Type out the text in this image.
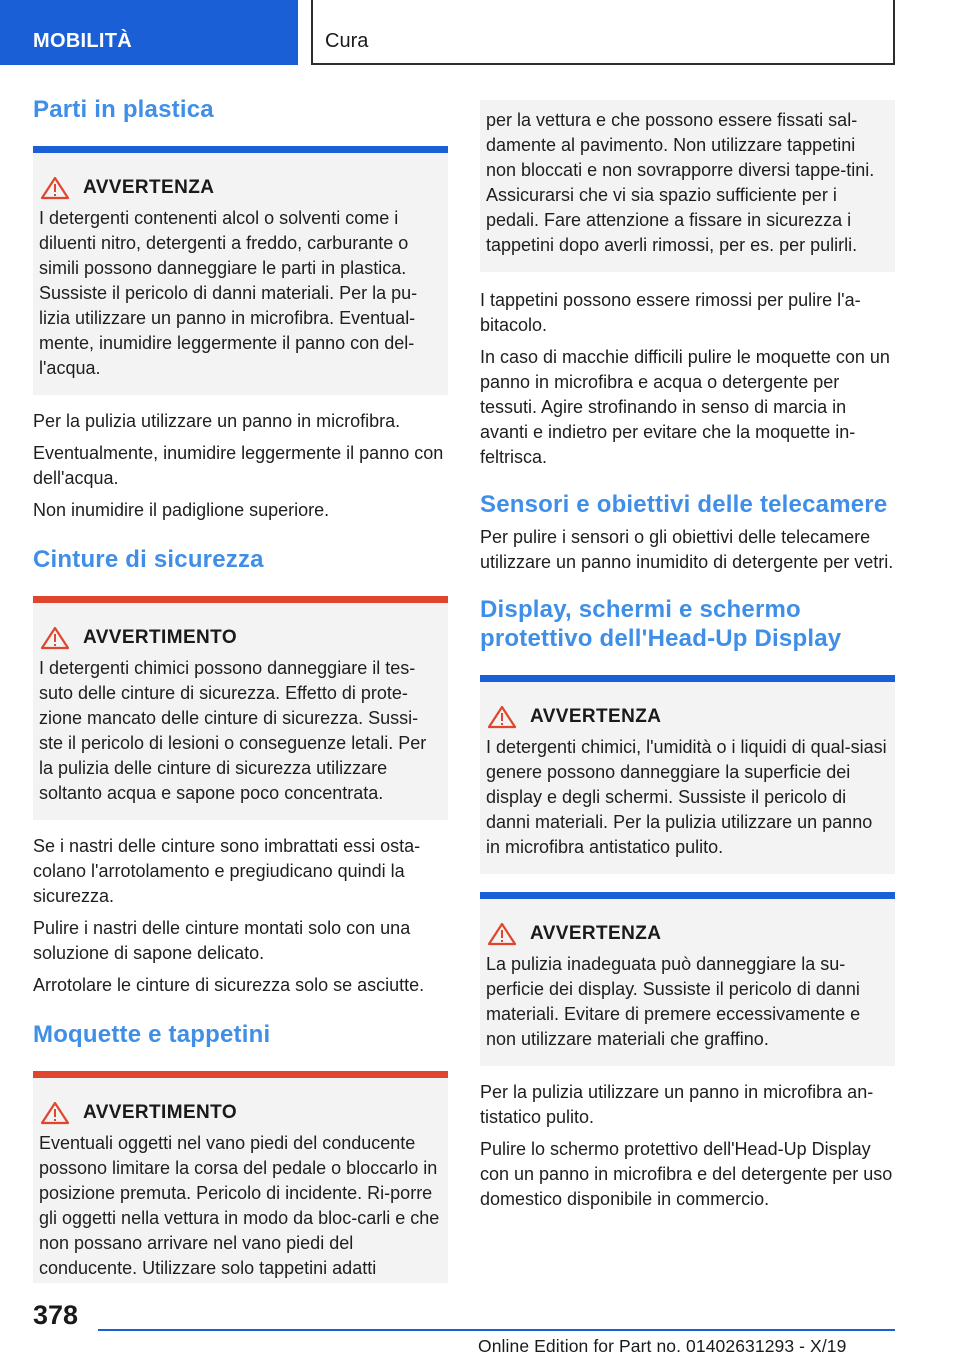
MOBILITÀ	Cura
Parti in plastica
AVVERTENZA
I detergenti contenenti alcol o solventi come i diluenti nitro, detergenti a freddo, carburante o simili possono danneggiare le parti in plastica. Sussiste il pericolo di danni materiali. Per la pu-lizia utilizzare un panno in microfibra. Eventual-mente, inumidire leggermente il panno con del-l'acqua.

Per la pulizia utilizzare un panno in microfibra.

Eventualmente, inumidire leggermente il panno con dell'acqua.

Non inumidire il padiglione superiore.

Cinture di sicurezza
AVVERTIMENTO
I detergenti chimici possono danneggiare il tes-suto delle cinture di sicurezza. Effetto di prote-zione mancato delle cinture di sicurezza. Sussi-ste il pericolo di lesioni o conseguenze letali. Per la pulizia delle cinture di sicurezza utilizzare soltanto acqua e sapone poco concentrata.

Se i nastri delle cinture sono imbrattati essi osta-colano l'arrotolamento e pregiudicano quindi la sicurezza.

Pulire i nastri delle cinture montati solo con una soluzione di sapone delicato.

Arrotolare le cinture di sicurezza solo se asciutte.

Moquette e tappetini
AVVERTIMENTO
Eventuali oggetti nel vano piedi del conducente possono limitare la corsa del pedale o bloccarlo in posizione premuta. Pericolo di incidente. Ri-porre gli oggetti nella vettura in modo da bloc-carli e che non possano arrivare nel vano piedi del conducente. Utilizzare solo tappetini adatti
per la vettura e che possono essere fissati sal-damente al pavimento. Non utilizzare tappetini non bloccati e non sovrapporre diversi tappe-tini. Assicurarsi che vi sia spazio sufficiente per i pedali. Fare attenzione a fissare in sicurezza i tappetini dopo averli rimossi, per es. per pulirli.

I tappetini possono essere rimossi per pulire l'a-bitacolo.

In caso di macchie difficili pulire le moquette con un panno in microfibra e acqua o detergente per tessuti. Agire strofinando in senso di marcia in avanti e indietro per evitare che la moquette in-feltrisca.

Sensori e obiettivi delle telecamere

Per pulire i sensori o gli obiettivi delle telecamere utilizzare un panno inumidito di detergente per vetri.

Display, schermi e schermo protettivo dell'Head-Up Display
AVVERTENZA
I detergenti chimici, l'umidità o i liquidi di qual-siasi genere possono danneggiare la superficie dei display e degli schermi. Sussiste il pericolo di danni materiali. Per la pulizia utilizzare un panno in microfibra antistatico pulito.
AVVERTENZA
La pulizia inadeguata può danneggiare la su-perficie dei display. Sussiste il pericolo di danni materiali. Evitare di premere eccessivamente e non utilizzare materiali che graffino.

Per la pulizia utilizzare un panno in microfibra an-tistatico pulito.

Pulire lo schermo protettivo dell'Head-Up Display con un panno in microfibra e del detergente per uso domestico disponibile in commercio.

378
Online Edition for Part no. 01402631293 - X/19
